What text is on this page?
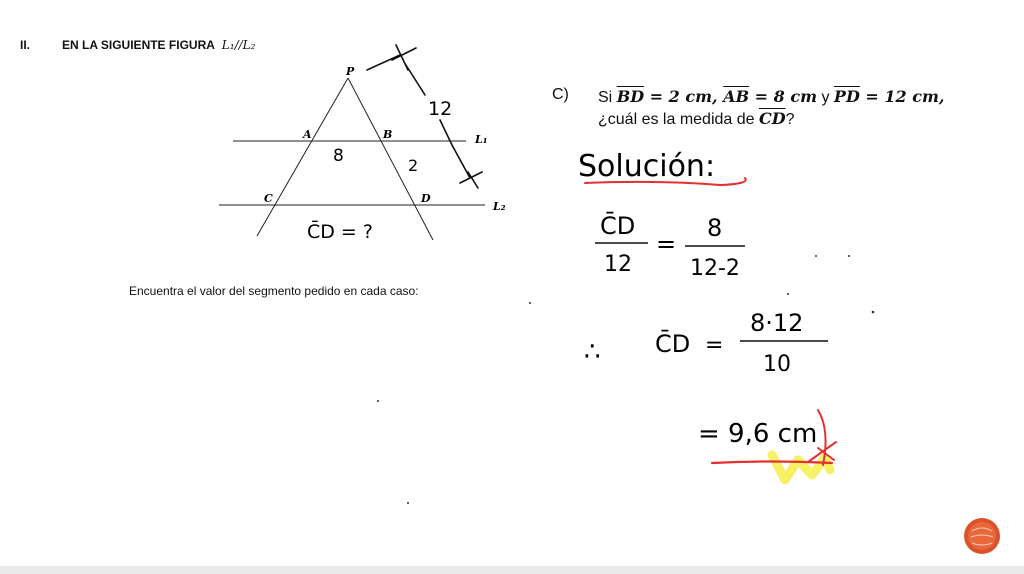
II.	EN LA SIGUIENTE FIGURA L₁//L₂
P
A	B
C	D
L₁
L₂
8	2
12
C̄D = ?
Encuentra el valor del segmento pedido en cada caso:
C) Si $\overline{BD} = 2$ cm, $\overline{AB} = 8$ cm y $\overline{PD} = 12$ cm,
¿cuál es la medida de $\overline{CD}$?
Solución:
C̄D
12
=
8
12-2
∴ C̄D =
8·12
10
= 9,6 cm
